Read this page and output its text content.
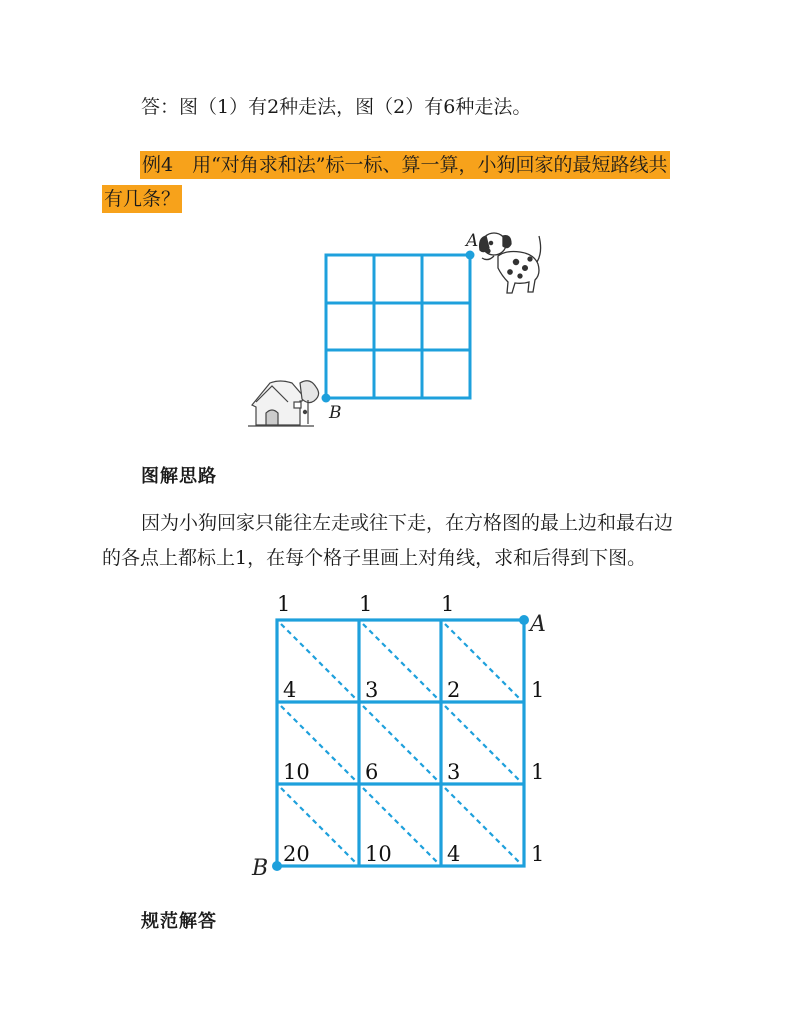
答：图（1）有2种走法，图（2）有6种走法。
例4　用“对角求和法”标一标、算一算，小狗回家的最短路线共
有几条？
A
B
图解思路
因为小狗回家只能往左走或往下走，在方格图的最上边和最右边
的各点上都标上1，在每个格子里画上对角线，求和后得到下图。
A
B
1	1	1
4	3	2	1
10	6	3	1
20	10	4	1
规范解答
